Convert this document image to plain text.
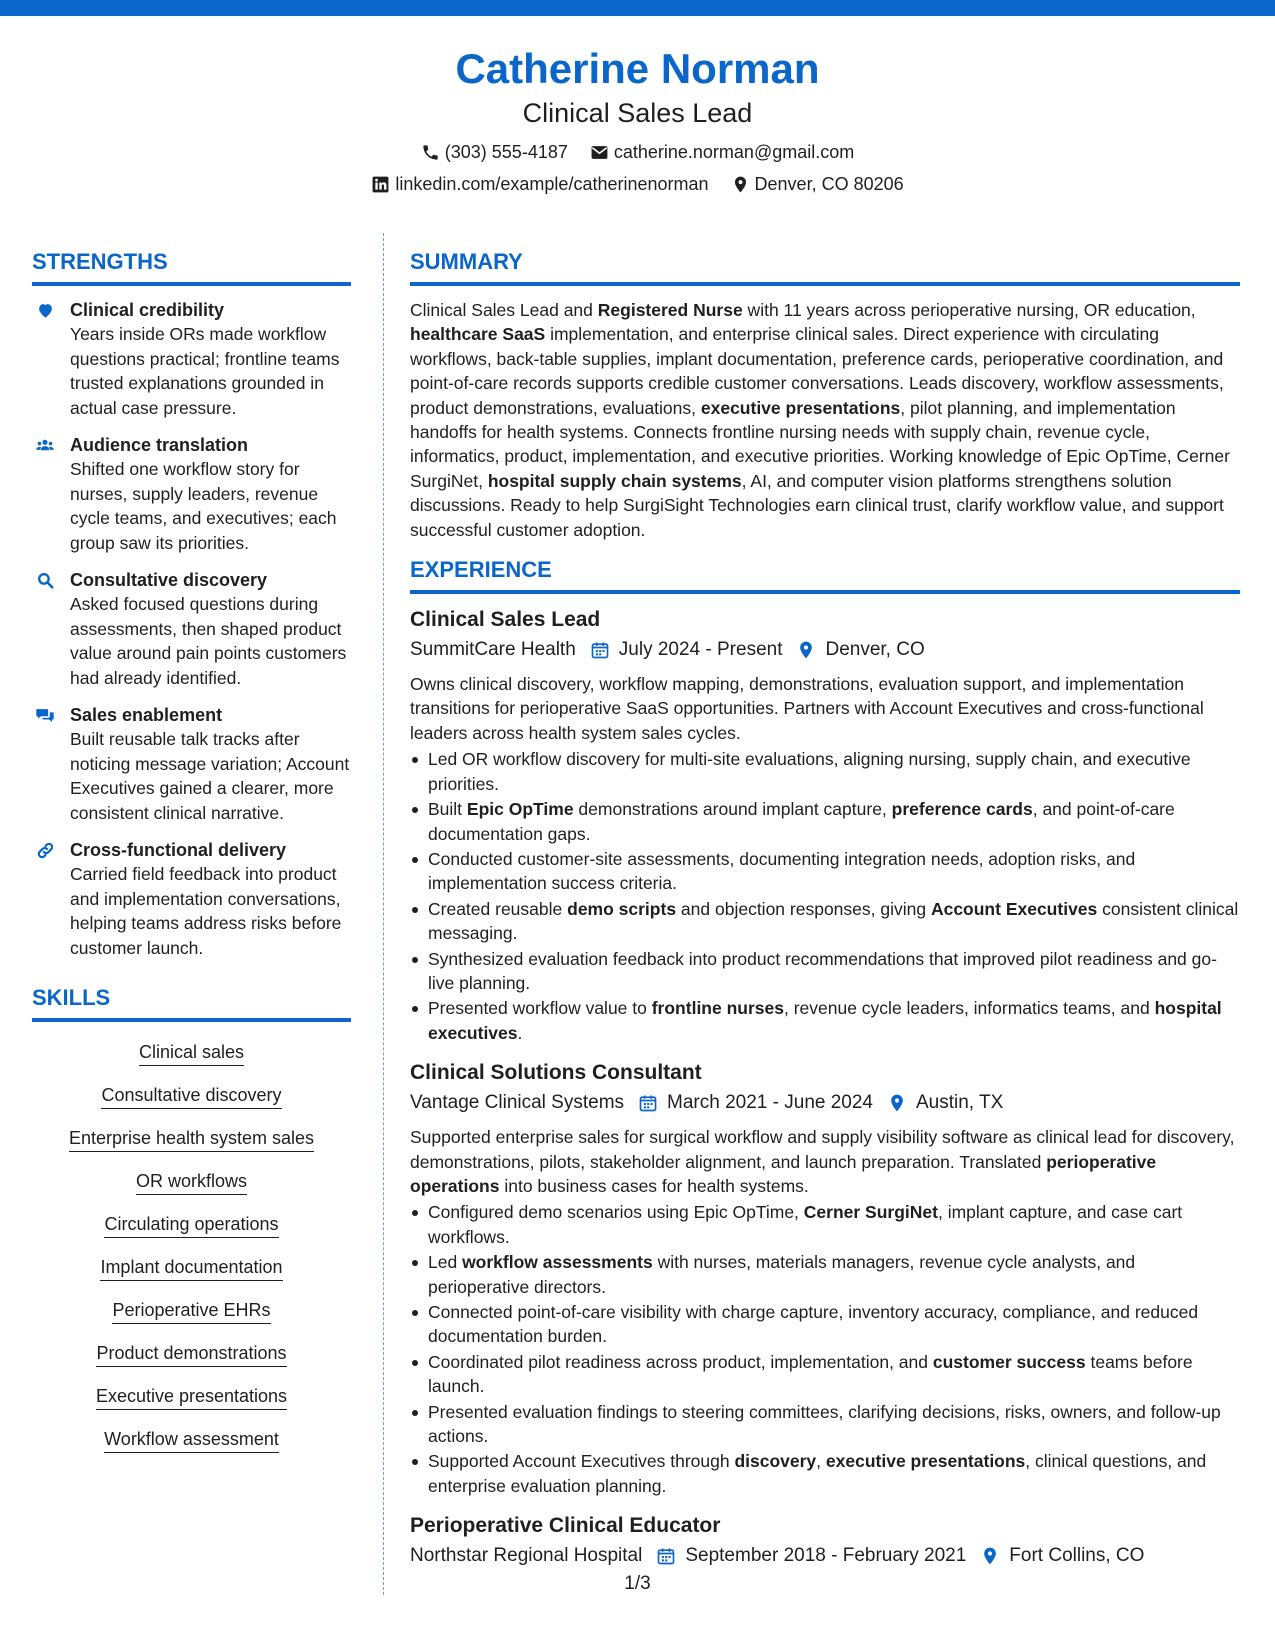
Catherine Norman
Clinical Sales Lead
(303) 555-4187	catherine.norman@gmail.com
linkedin.com/example/catherinenorman	Denver, CO 80206
STRENGTHS
Clinical credibility
Years inside ORs made workflow questions practical; frontline teams trusted explanations grounded in actual case pressure.
Audience translation
Shifted one workflow story for nurses, supply leaders, revenue cycle teams, and executives; each group saw its priorities.
Consultative discovery
Asked focused questions during assessments, then shaped product value around pain points customers had already identified.
Sales enablement
Built reusable talk tracks after noticing message variation; Account Executives gained a clearer, more consistent clinical narrative.
Cross-functional delivery
Carried field feedback into product and implementation conversations, helping teams address risks before customer launch.
SKILLS
Clinical sales
Consultative discovery
Enterprise health system sales
OR workflows
Circulating operations
Implant documentation
Perioperative EHRs
Product demonstrations
Executive presentations
Workflow assessment
SUMMARY

Clinical Sales Lead and Registered Nurse with 11 years across perioperative nursing, OR education, healthcare SaaS implementation, and enterprise clinical sales. Direct experience with circulating workflows, back-table supplies, implant documentation, preference cards, perioperative coordination, and point-of-care records supports credible customer conversations. Leads discovery, workflow assessments, product demonstrations, evaluations, executive presentations, pilot planning, and implementation handoffs for health systems. Connects frontline nursing needs with supply chain, revenue cycle, informatics, product, implementation, and executive priorities. Working knowledge of Epic OpTime, Cerner SurgiNet, hospital supply chain systems, AI, and computer vision platforms strengthens solution discussions. Ready to help SurgiSight Technologies earn clinical trust, clarify workflow value, and support successful customer adoption.

EXPERIENCE
Clinical Sales Lead
SummitCare Health July 2024 - Present Denver, CO

Owns clinical discovery, workflow mapping, demonstrations, evaluation support, and implementation transitions for perioperative SaaS opportunities. Partners with Account Executives and cross-functional leaders across health system sales cycles.

Led OR workflow discovery for multi-site evaluations, aligning nursing, supply chain, and executive priorities.
Built Epic OpTime demonstrations around implant capture, preference cards, and point-of-care documentation gaps.
Conducted customer-site assessments, documenting integration needs, adoption risks, and implementation success criteria.
Created reusable demo scripts and objection responses, giving Account Executives consistent clinical messaging.
Synthesized evaluation feedback into product recommendations that improved pilot readiness and go-live planning.
Presented workflow value to frontline nurses, revenue cycle leaders, informatics teams, and hospital executives.
Clinical Solutions Consultant
Vantage Clinical Systems March 2021 - June 2024 Austin, TX

Supported enterprise sales for surgical workflow and supply visibility software as clinical lead for discovery, demonstrations, pilots, stakeholder alignment, and launch preparation. Translated perioperative operations into business cases for health systems.

Configured demo scenarios using Epic OpTime, Cerner SurgiNet, implant capture, and case cart workflows.
Led workflow assessments with nurses, materials managers, revenue cycle analysts, and perioperative directors.
Connected point-of-care visibility with charge capture, inventory accuracy, compliance, and reduced documentation burden.
Coordinated pilot readiness across product, implementation, and customer success teams before launch.
Presented evaluation findings to steering committees, clarifying decisions, risks, owners, and follow-up actions.
Supported Account Executives through discovery, executive presentations, clinical questions, and enterprise evaluation planning.
Perioperative Clinical Educator
Northstar Regional Hospital September 2018 - February 2021 Fort Collins, CO
1/3
